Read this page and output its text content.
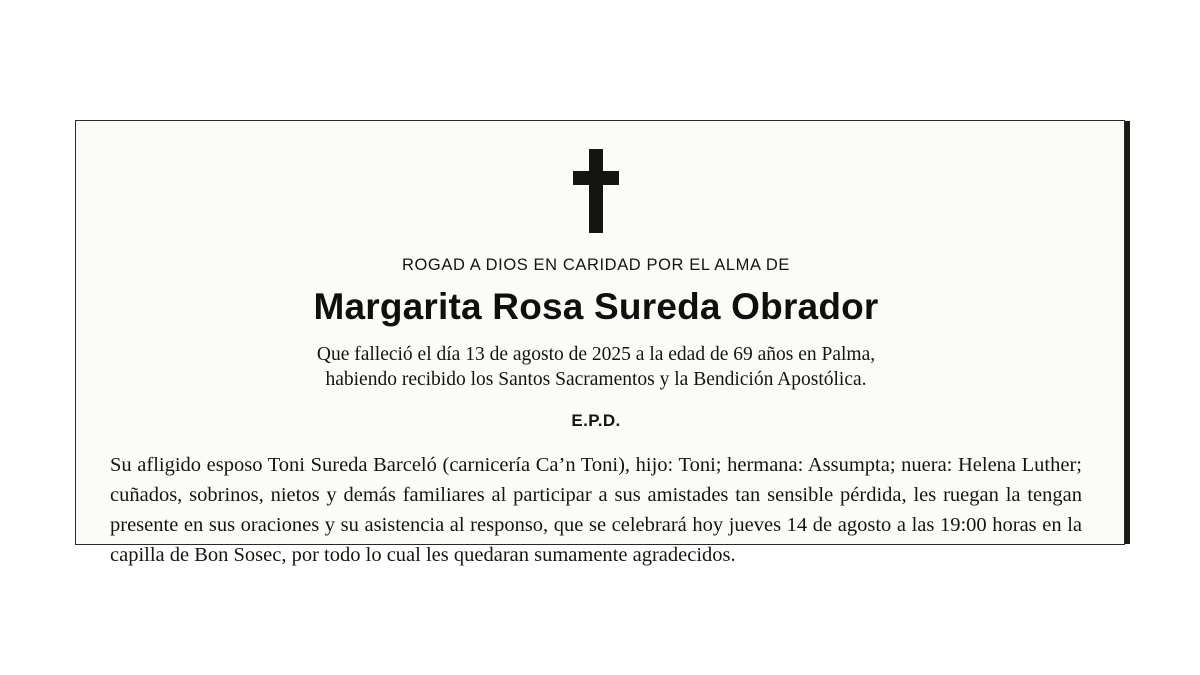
ROGAD A DIOS EN CARIDAD POR EL ALMA DE

Margarita Rosa Sureda Obrador

Que falleció el día 13 de agosto de 2025 a la edad de 69 años en Palma,
habiendo recibido los Santos Sacramentos y la Bendición Apostólica.

E.P.D.

Su afligido esposo Toni Sureda Barceló (carnicería Ca’n Toni), hijo: Toni; hermana: Assumpta; nuera: Helena Luther; cuñados, sobrinos, nietos y demás familiares al participar a sus amistades tan sensible pérdida, les ruegan la tengan presente en sus oraciones y su asistencia al responso, que se celebrará hoy jueves 14 de agosto a las 19:00 horas en la capilla de Bon Sosec, por todo lo cual les quedaran sumamente agradecidos.
